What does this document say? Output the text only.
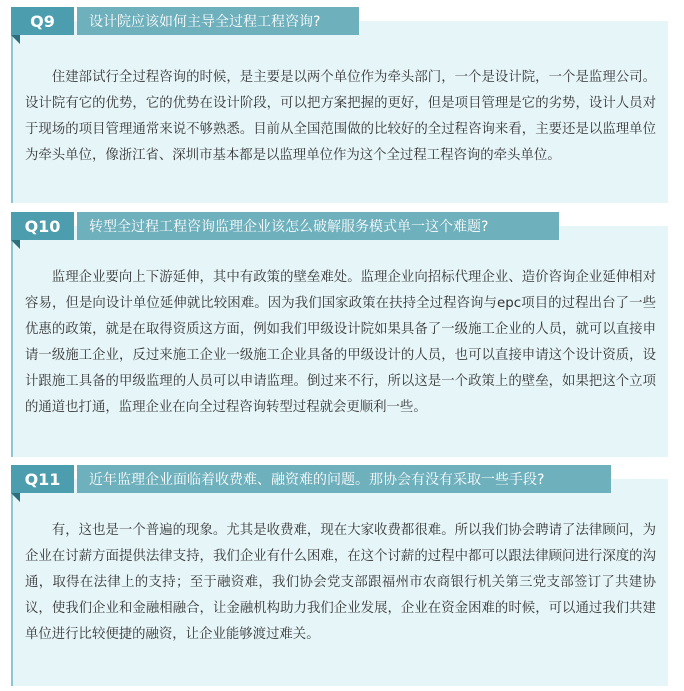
Q9	设计院应该如何主导全过程工程咨询?

住建部试行全过程咨询的时候，是主要是以两个单位作为牵头部门，一个是设计院，一个是监理公司。设计院有它的优势，它的优势在设计阶段，可以把方案把握的更好，但是项目管理是它的劣势，设计人员对于现场的项目管理通常来说不够熟悉。目前从全国范围做的比较好的全过程咨询来看，主要还是以监理单位为牵头单位，像浙江省、深圳市基本都是以监理单位作为这个全过程工程咨询的牵头单位。

Q10	转型全过程工程咨询监理企业该怎么破解服务模式单一这个难题?

监理企业要向上下游延伸，其中有政策的壁垒难处。监理企业向招标代理企业、造价咨询企业延伸相对容易，但是向设计单位延伸就比较困难。因为我们国家政策在扶持全过程咨询与epc项目的过程出台了一些优惠的政策，就是在取得资质这方面，例如我们甲级设计院如果具备了一级施工企业的人员，就可以直接申请一级施工企业，反过来施工企业一级施工企业具备的甲级设计的人员，也可以直接申请这个设计资质，设计跟施工具备的甲级监理的人员可以申请监理。倒过来不行，所以这是一个政策上的壁垒，如果把这个立项的通道也打通，监理企业在向全过程咨询转型过程就会更顺利一些。

Q11	近年监理企业面临着收费难、融资难的问题。那协会有没有采取一些手段?

有，这也是一个普遍的现象。尤其是收费难，现在大家收费都很难。所以我们协会聘请了法律顾问，为企业在讨薪方面提供法律支持，我们企业有什么困难，在这个讨薪的过程中都可以跟法律顾问进行深度的沟通，取得在法律上的支持；至于融资难，我们协会党支部跟福州市农商银行机关第三党支部签订了共建协议，使我们企业和金融相融合，让金融机构助力我们企业发展，企业在资金困难的时候，可以通过我们共建单位进行比较便捷的融资，让企业能够渡过难关。
